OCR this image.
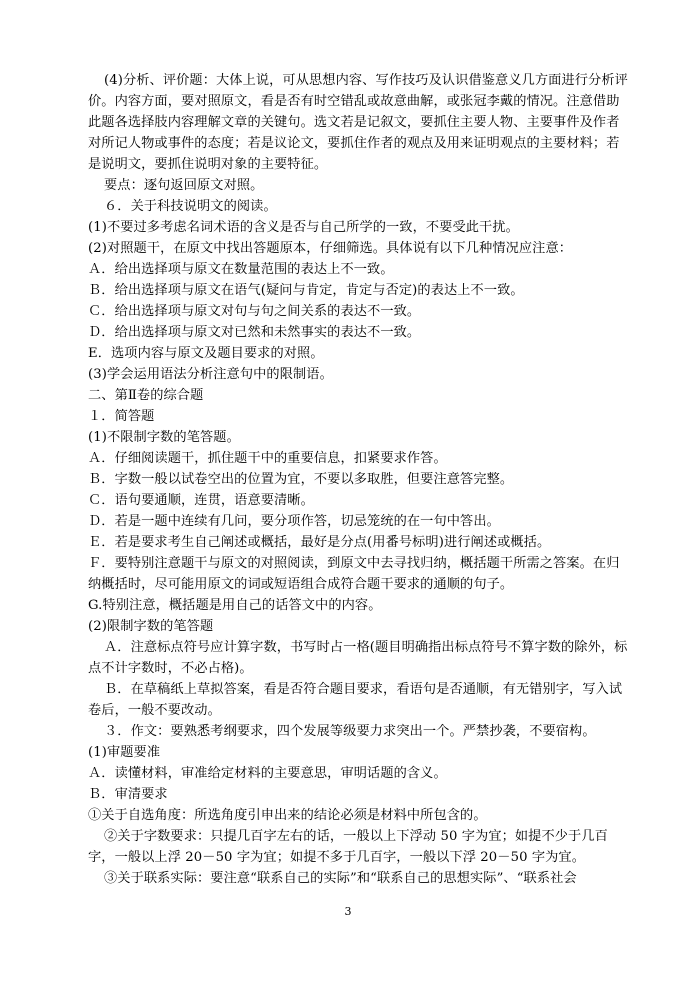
(4)分析、评价题：大体上说，可从思想内容、写作技巧及认识借鉴意义几方面进行分析评价。内容方面，要对照原文，看是否有时空错乱或故意曲解，或张冠李戴的情况。注意借助此题各选择肢内容理解文章的关键句。选文若是记叙文，要抓住主要人物、主要事件及作者对所记人物或事件的态度；若是议论文，要抓住作者的观点及用来证明观点的主要材料；若是说明文，要抓住说明对象的主要特征。

要点：逐句返回原文对照。

６．关于科技说明文的阅读。

(1)不要过多考虑名词术语的含义是否与自己所学的一致，不要受此干扰。

(2)对照题干，在原文中找出答题原本，仔细筛选。具体说有以下几种情况应注意：

Ａ．给出选择项与原文在数量范围的表达上不一致。

Ｂ．给出选择项与原文在语气(疑问与肯定，肯定与否定)的表达上不一致。

Ｃ．给出选择项与原文对句与句之间关系的表达不一致。

Ｄ．给出选择项与原文对已然和未然事实的表达不一致。

E．选项内容与原文及题目要求的对照。

(3)学会运用语法分析注意句中的限制语。

二、第Ⅱ卷的综合题

１．简答题

(1)不限制字数的笔答题。

Ａ．仔细阅读题干，抓住题干中的重要信息，扣紧要求作答。

Ｂ．字数一般以试卷空出的位置为宜，不要以多取胜，但要注意答完整。

Ｃ．语句要通顺，连贯，语意要清晰。

Ｄ．若是一题中连续有几问，要分项作答，切忌笼统的在一句中答出。

Ｅ．若是要求考生自己阐述或概括，最好是分点(用番号标明)进行阐述或概括。

Ｆ．要特别注意题干与原文的对照阅读，到原文中去寻找归纳，概括题干所需之答案。在归纳概括时，尽可能用原文的词或短语组合成符合题干要求的通顺的句子。

G.特别注意，概括题是用自己的话答文中的内容。

(2)限制字数的笔答题

Ａ．注意标点符号应计算字数，书写时占一格(题目明确指出标点符号不算字数的除外，标点不计字数时，不必占格)。

Ｂ．在草稿纸上草拟答案，看是否符合题目要求，看语句是否通顺，有无错别字，写入试卷后，一般不要改动。

３．作文：要熟悉考纲要求，四个发展等级要力求突出一个。严禁抄袭，不要宿构。

(1)审题要准

Ａ．读懂材料，审准给定材料的主要意思，审明话题的含义。

Ｂ．审清要求

①关于自选角度：所选角度引申出来的结论必须是材料中所包含的。

②关于字数要求：只提几百字左右的话，一般以上下浮动 50 字为宜；如提不少于几百字，一般以上浮 20－50 字为宜；如提不多于几百字，一般以下浮 20－50 字为宜。

③关于联系实际：要注意“联系自己的实际”和“联系自己的思想实际”、“联系社会

3
